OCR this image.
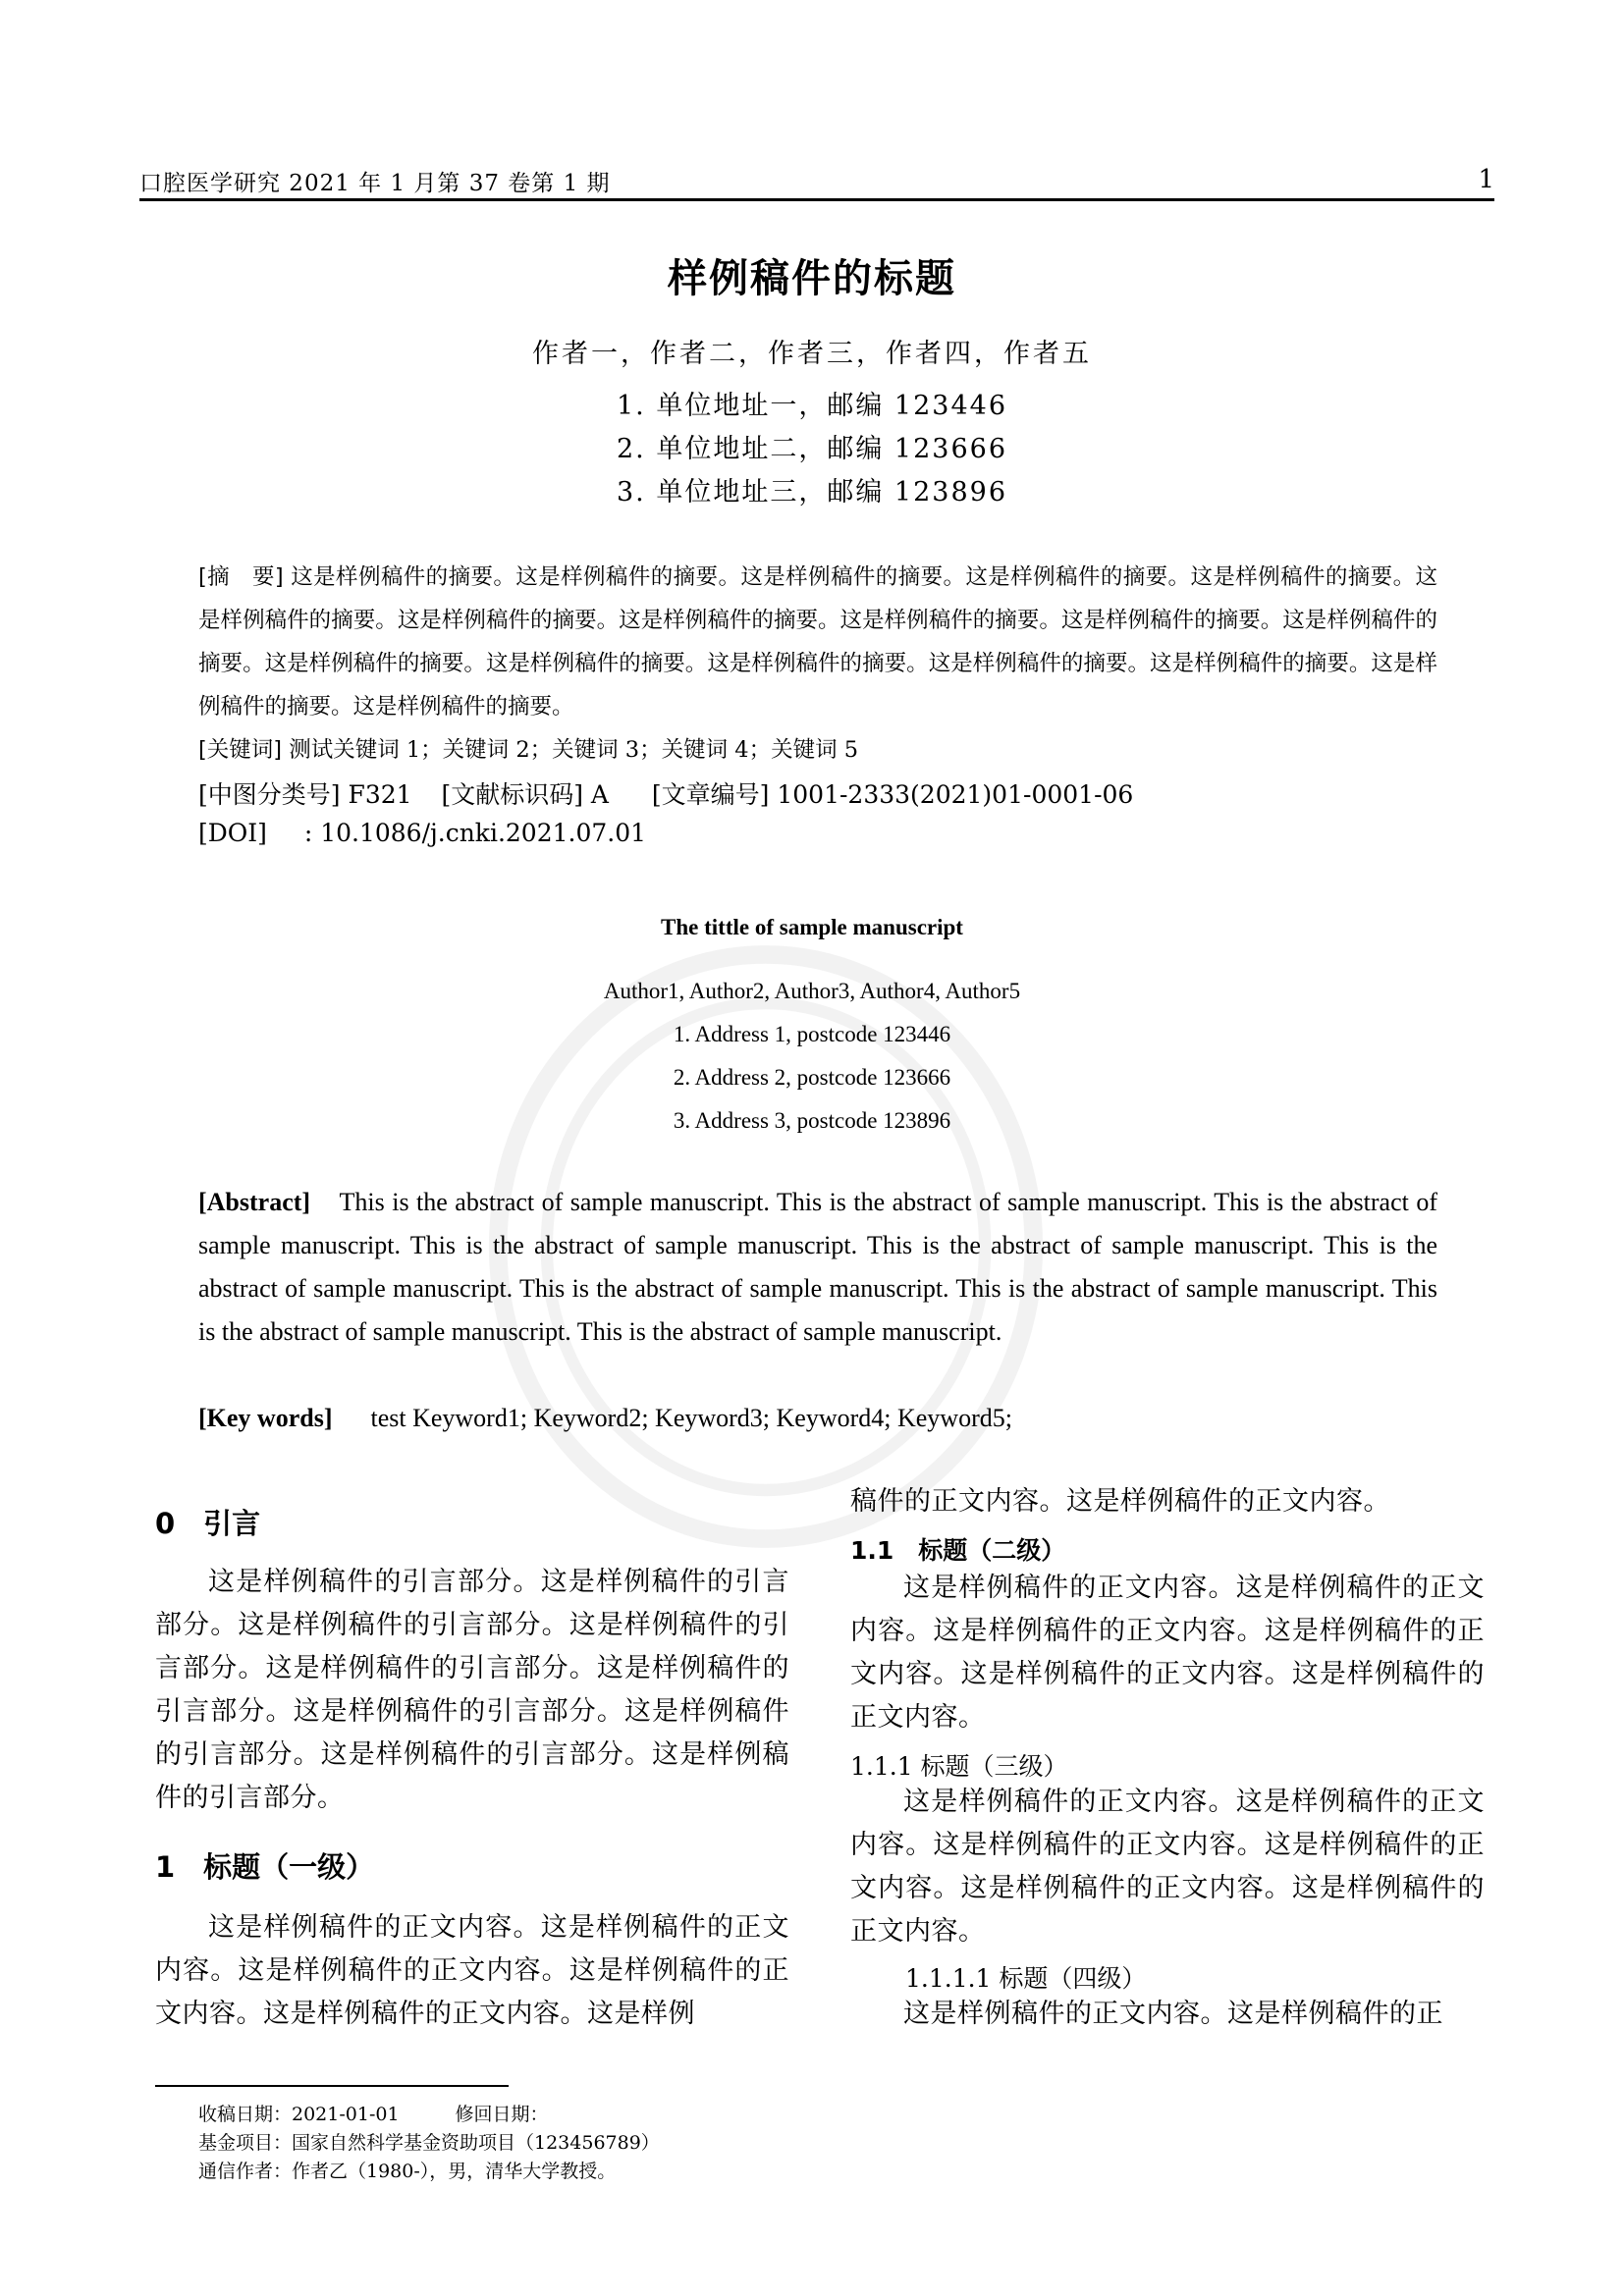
口腔医学研究 2021 年 1 月第 37 卷第 1 期	1
样例稿件的标题
作者一，作者二，作者三，作者四，作者五
1. 单位地址一，邮编 123446
2. 单位地址二，邮编 123666
3. 单位地址三，邮编 123896
[摘　要] 这是样例稿件的摘要。这是样例稿件的摘要。这是样例稿件的摘要。这是样例稿件的摘要。这是样例稿件的摘要。这是样例稿件的摘要。这是样例稿件的摘要。这是样例稿件的摘要。这是样例稿件的摘要。这是样例稿件的摘要。这是样例稿件的摘要。这是样例稿件的摘要。这是样例稿件的摘要。这是样例稿件的摘要。这是样例稿件的摘要。这是样例稿件的摘要。这是样例稿件的摘要。这是样例稿件的摘要。
[关键词] 测试关键词 1；关键词 2；关键词 3；关键词 4；关键词 5
[中图分类号] F321 [文献标识码] A [文章编号] 1001-2333(2021)01-0001-06
[DOI] : 10.1086/j.cnki.2021.07.01
The tittle of sample manuscript
Author1, Author2, Author3, Author4, Author5
1. Address 1, postcode 123446
2. Address 2, postcode 123666
3. Address 3, postcode 123896
[Abstract] This is the abstract of sample manuscript. This is the abstract of sample manuscript. This is the abstract of sample manuscript. This is the abstract of sample manuscript. This is the abstract of sample manuscript. This is the abstract of sample manuscript. This is the abstract of sample manuscript. This is the abstract of sample manuscript. This is the abstract of sample manuscript. This is the abstract of sample manuscript.
[Key words] test Keyword1; Keyword2; Keyword3; Keyword4; Keyword5;
0　引言
这是样例稿件的引言部分。这是样例稿件的引言部分。这是样例稿件的引言部分。这是样例稿件的引言部分。这是样例稿件的引言部分。这是样例稿件的引言部分。这是样例稿件的引言部分。这是样例稿件的引言部分。这是样例稿件的引言部分。这是样例稿件的引言部分。
1　标题（一级）
这是样例稿件的正文内容。这是样例稿件的正文内容。这是样例稿件的正文内容。这是样例稿件的正文内容。这是样例稿件的正文内容。这是样例
稿件的正文内容。这是样例稿件的正文内容。
1.1　标题（二级）
这是样例稿件的正文内容。这是样例稿件的正文内容。这是样例稿件的正文内容。这是样例稿件的正文内容。这是样例稿件的正文内容。这是样例稿件的正文内容。
1.1.1 标题（三级）
这是样例稿件的正文内容。这是样例稿件的正文内容。这是样例稿件的正文内容。这是样例稿件的正文内容。这是样例稿件的正文内容。这是样例稿件的正文内容。
1.1.1.1 标题（四级）
这是样例稿件的正文内容。这是样例稿件的正
收稿日期：2021-01-01　　　修回日期：
基金项目：国家自然科学基金资助项目（123456789）
通信作者：作者乙（1980-），男，清华大学教授。
